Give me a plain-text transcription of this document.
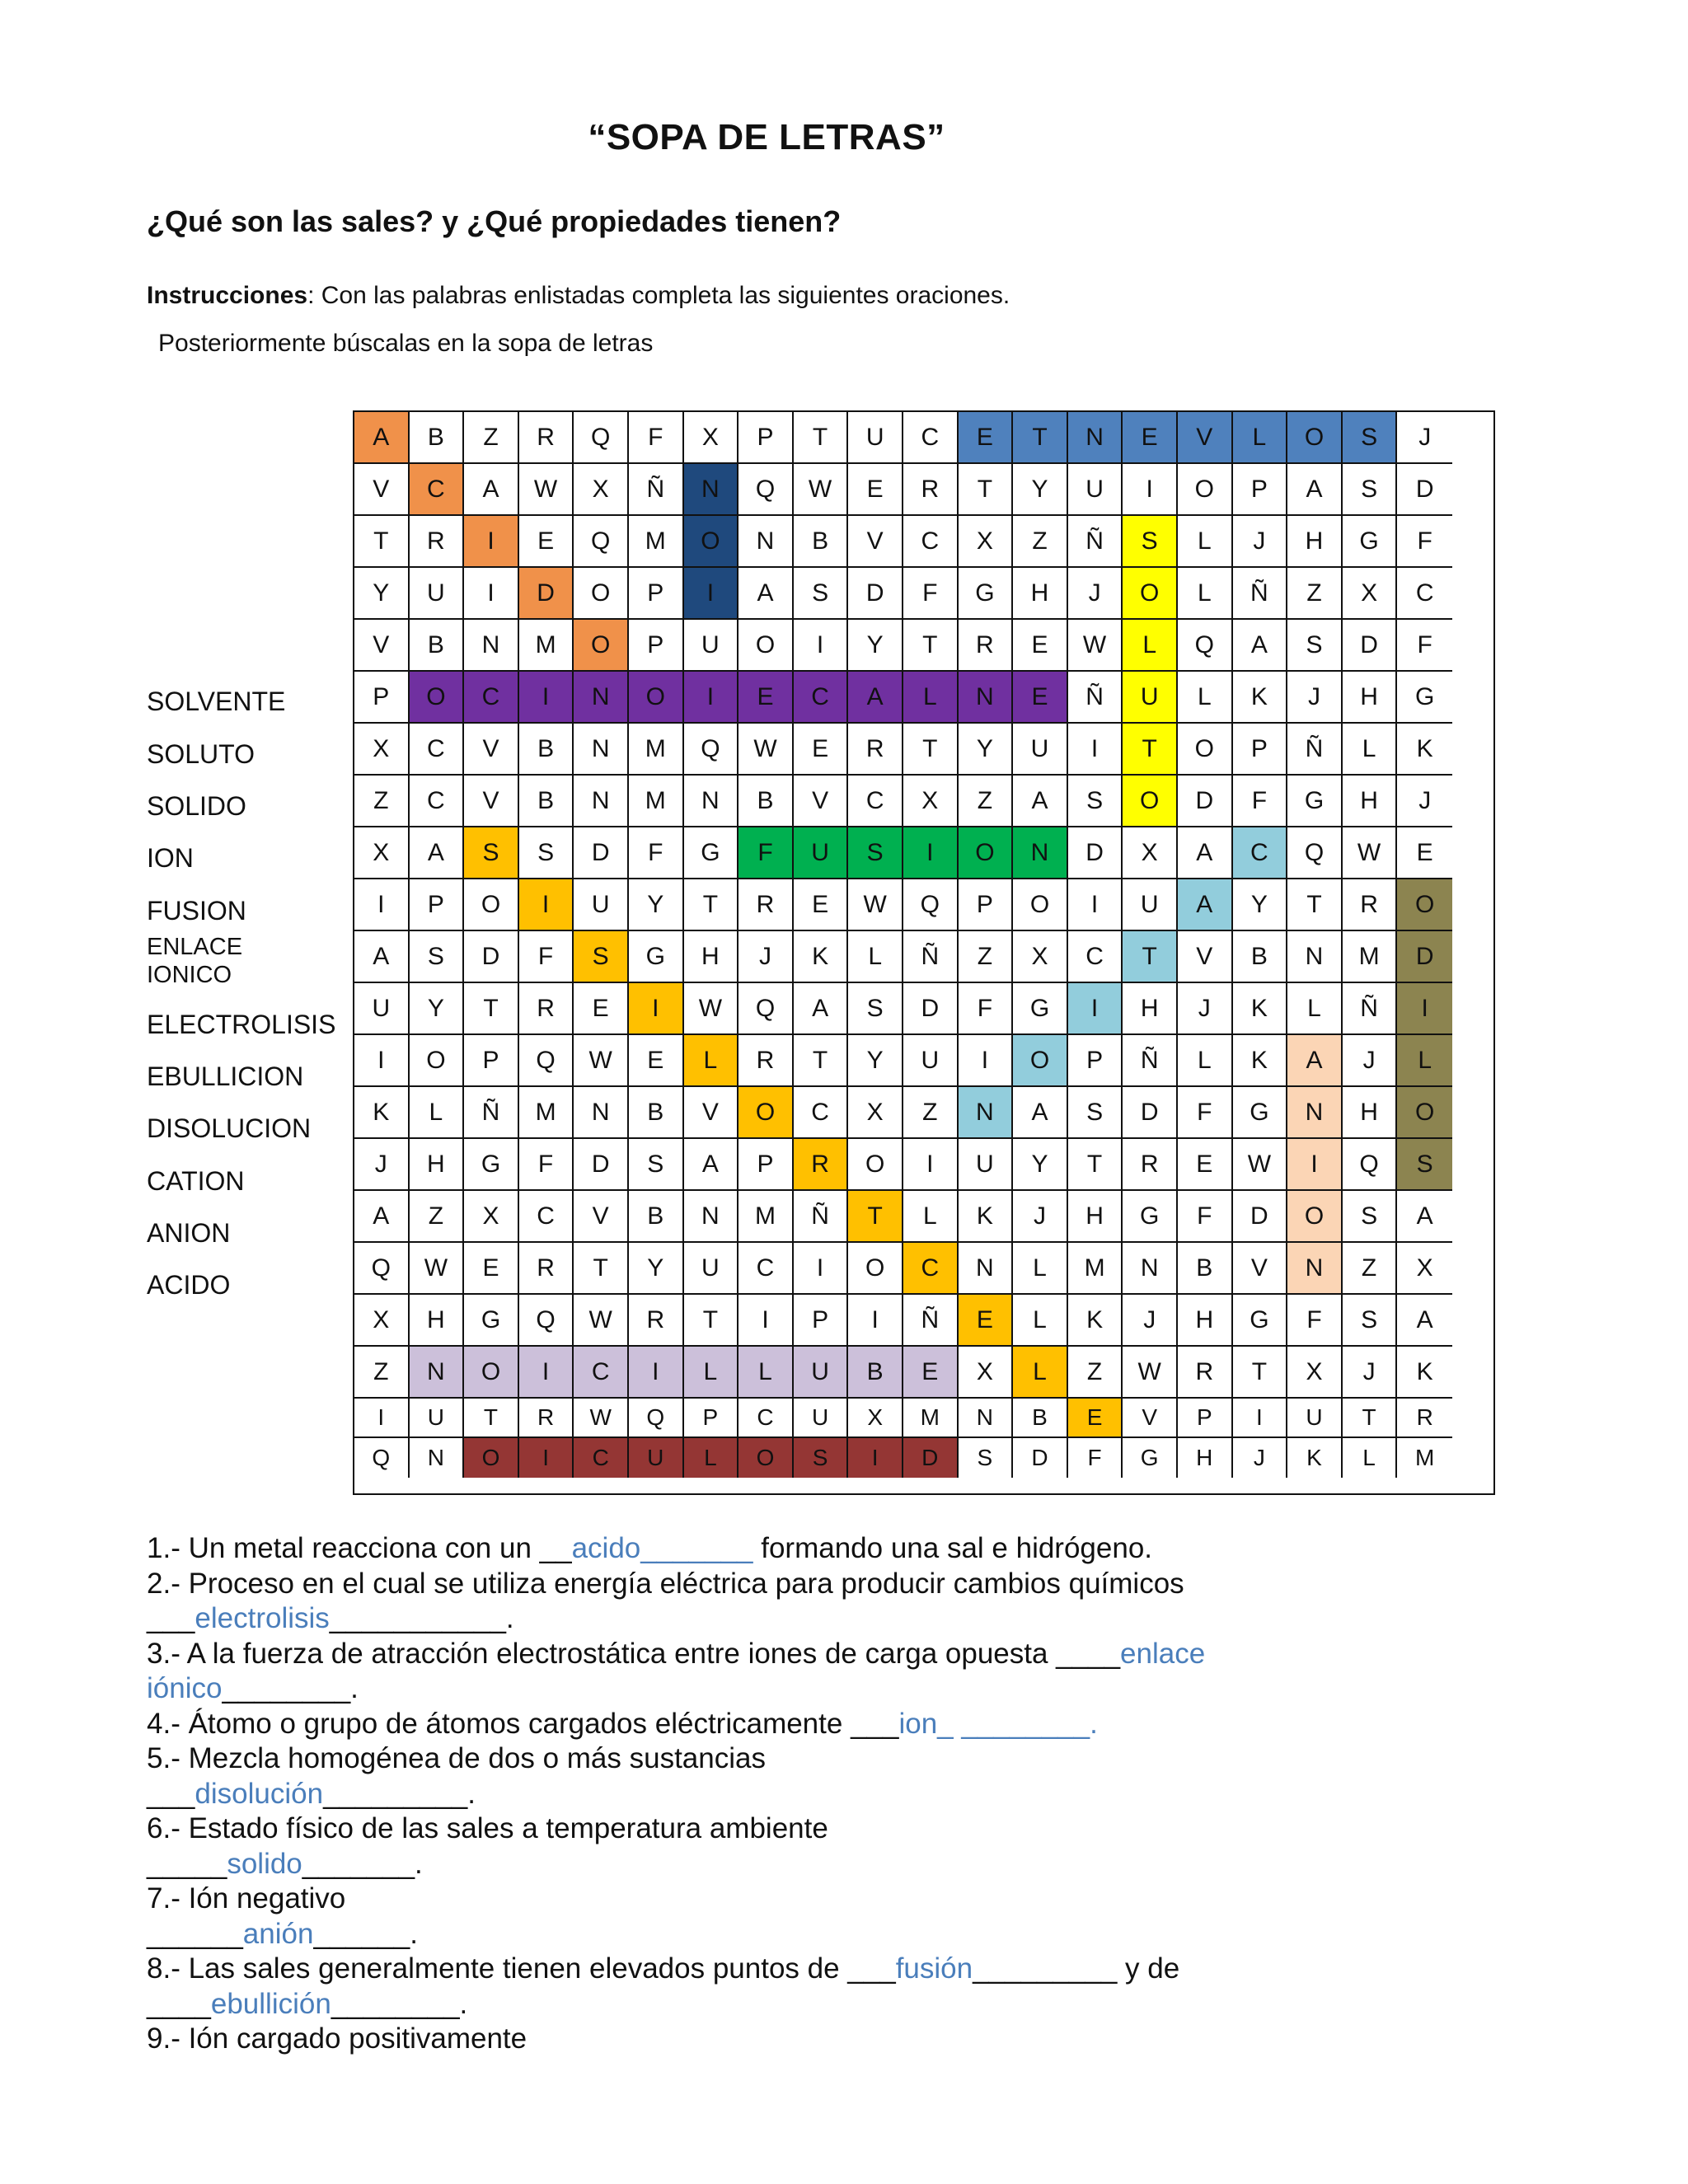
“SOPA DE LETRAS”
¿Qué son las sales? y ¿Qué propiedades tienen?
Instrucciones: Con las palabras enlistadas completa las siguientes oraciones.
Posteriormente búscalas en la sopa de letras
SOLVENTE
SOLUTO
SOLIDO
ION
FUSION
ENLACE
IONICO
ELECTROLISIS
EBULLICION
DISOLUCION
CATION
ANION
ACIDO
A	B	Z	R	Q	F	X	P	T	U	C	E	T	N	E	V	L	O	S	J
V	C	A	W	X	Ñ	N	Q	W	E	R	T	Y	U	I	O	P	A	S	D
T	R	I	E	Q	M	O	N	B	V	C	X	Z	Ñ	S	L	J	H	G	F
Y	U	I	D	O	P	I	A	S	D	F	G	H	J	O	L	Ñ	Z	X	C
V	B	N	M	O	P	U	O	I	Y	T	R	E	W	L	Q	A	S	D	F
P	O	C	I	N	O	I	E	C	A	L	N	E	Ñ	U	L	K	J	H	G
X	C	V	B	N	M	Q	W	E	R	T	Y	U	I	T	O	P	Ñ	L	K
Z	C	V	B	N	M	N	B	V	C	X	Z	A	S	O	D	F	G	H	J
X	A	S	S	D	F	G	F	U	S	I	O	N	D	X	A	C	Q	W	E
I	P	O	I	U	Y	T	R	E	W	Q	P	O	I	U	A	Y	T	R	O
A	S	D	F	S	G	H	J	K	L	Ñ	Z	X	C	T	V	B	N	M	D
U	Y	T	R	E	I	W	Q	A	S	D	F	G	I	H	J	K	L	Ñ	I
I	O	P	Q	W	E	L	R	T	Y	U	I	O	P	Ñ	L	K	A	J	L
K	L	Ñ	M	N	B	V	O	C	X	Z	N	A	S	D	F	G	N	H	O
J	H	G	F	D	S	A	P	R	O	I	U	Y	T	R	E	W	I	Q	S
A	Z	X	C	V	B	N	M	Ñ	T	L	K	J	H	G	F	D	O	S	A
Q	W	E	R	T	Y	U	C	I	O	C	N	L	M	N	B	V	N	Z	X
X	H	G	Q	W	R	T	I	P	I	Ñ	E	L	K	J	H	G	F	S	A
Z	N	O	I	C	I	L	L	U	B	E	X	L	Z	W	R	T	X	J	K
I	U	T	R	W	Q	P	C	U	X	M	N	B	E	V	P	I	U	T	R
Q	N	O	I	C	U	L	O	S	I	D	S	D	F	G	H	J	K	L	M
1.- Un metal reacciona con un __acido_______ formando una sal e hidrógeno.
2.- Proceso en el cual se utiliza energía eléctrica para producir cambios químicos
___electrolisis___________.
3.- A la fuerza de atracción electrostática entre iones de carga opuesta ____enlace
iónico________.
4.- Átomo o grupo de átomos cargados eléctricamente ___ion_ ________.
5.- Mezcla homogénea de dos o más sustancias
___disolución_________.
6.- Estado físico de las sales a temperatura ambiente
_____solido_______.
7.- Ión negativo
______anión______.
8.- Las sales generalmente tienen elevados puntos de ___fusión_________ y de
____ebullición________.
9.- Ión cargado positivamente
